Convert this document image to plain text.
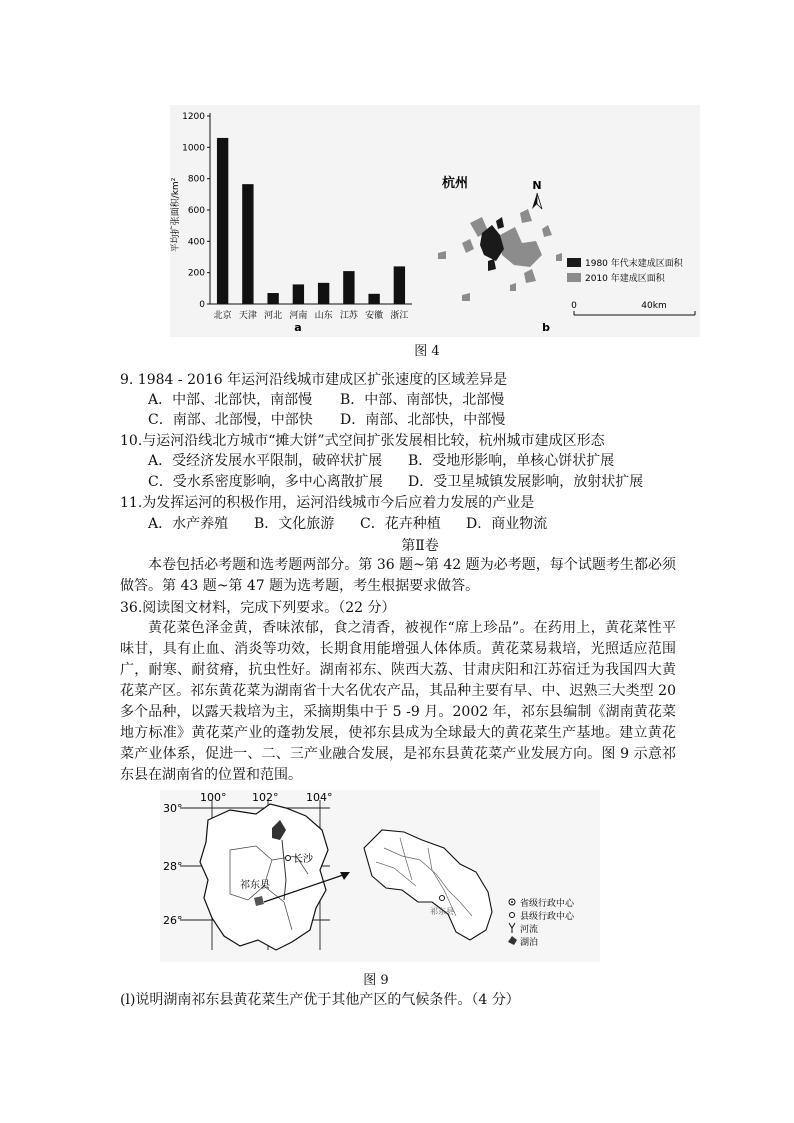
平均扩张面积/km²
0
200
400
600
800
1000
1200
北京 天津 河北 河南 山东 江苏 安徽 浙江
a
杭州	N
1980 年代末建成区面积
2010 年建成区面积
0	40km
b
图 4
9. 1984 - 2016 年运河沿线城市建成区扩张速度的区域差异是
A．中部、北部快，南部慢 B．中部、南部快，北部慢
C．南部、北部慢，中部快 D．南部、北部快，中部慢
10.与运河沿线北方城市“摊大饼”式空间扩张发展相比较，杭州城市建成区形态
A．受经济发展水平限制，破碎状扩展 B．受地形影响，单核心饼状扩展
C．受水系密度影响，多中心离散扩展 D．受卫星城镇发展影响，放射状扩展
11.为发挥运河的积极作用，运河沿线城市今后应着力发展的产业是
A．水产养殖 B．文化旅游 C．花卉种植 D．商业物流
第Ⅱ卷
本卷包括必考题和选考题两部分。第 36 题~第 42 题为必考题，每个试题考生都必须做答。第 43 题~第 47 题为选考题，考生根据要求做答。
36.阅读图文材料，完成下列要求。（22 分）
黄花菜色泽金黄，香味浓郁，食之清香，被视作“席上珍品”。在药用上，黄花菜性平味甘，具有止血、消炎等功效，长期食用能增强人体体质。黄花菜易栽培，光照适应范围广，耐寒、耐贫瘠，抗虫性好。湖南祁东、陕西大荔、甘肃庆阳和江苏宿迁为我国四大黄花菜产区。祁东黄花菜为湖南省十大名优农产品，其品种主要有早、中、迟熟三大类型 20 多个品种，以露天栽培为主，采摘期集中于 5 -9 月。2002 年，祁东县编制《湖南黄花菜地方标准》黄花菜产业的蓬勃发展，使祁东县成为全球最大的黄花菜生产基地。建立黄花菜产业体系，促进一、二、三产业融合发展，是祁东县黄花菜产业发展方向。图 9 示意祁东县在湖南省的位置和范围。
30°
28°
26°
100° 102°	104°
长沙
祁东县
祁东县
省级行政中心
县级行政中心
河流
湖泊
图 9
(l)说明湖南祁东县黄花菜生产优于其他产区的气候条件。（4 分）
